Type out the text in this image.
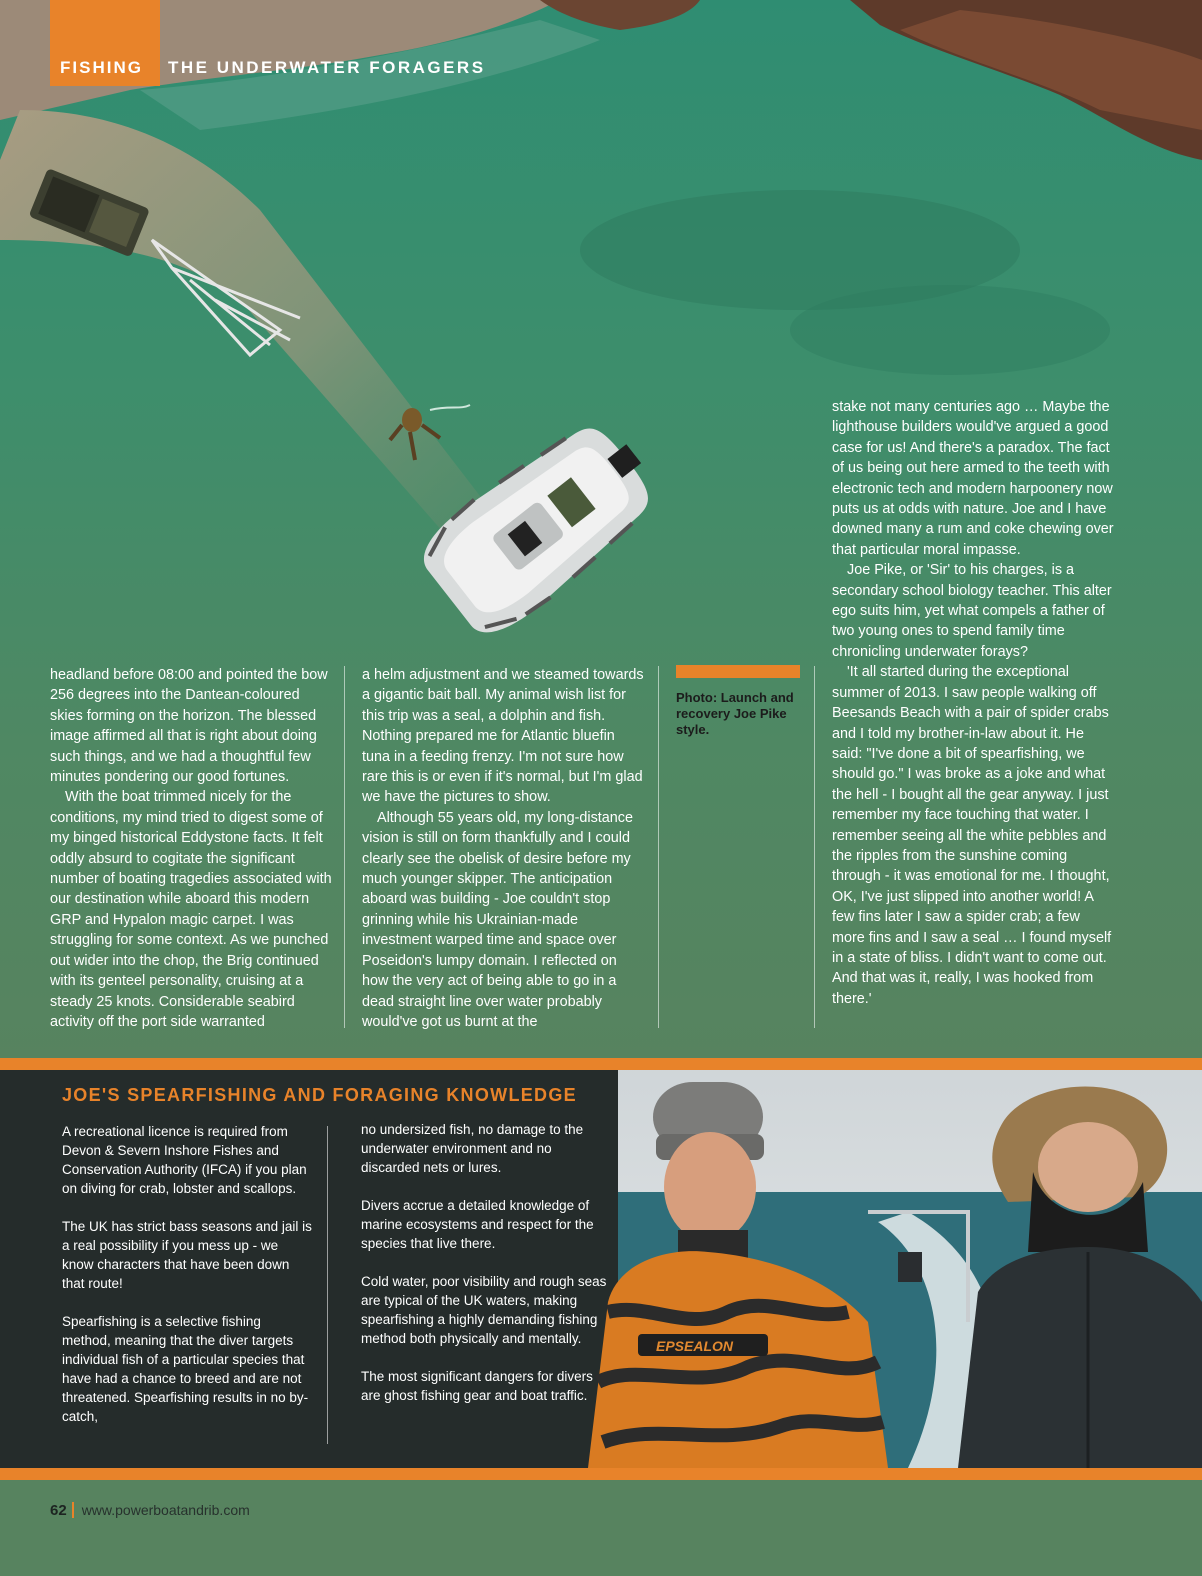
FISHING THE UNDERWATER FORAGERS

headland before 08:00 and pointed the bow 256 degrees into the Dantean-coloured skies forming on the horizon. The blessed image affirmed all that is right about doing such things, and we had a thoughtful few minutes pondering our good fortunes.

With the boat trimmed nicely for the conditions, my mind tried to digest some of my binged historical Eddystone facts. It felt oddly absurd to cogitate the significant number of boating tragedies associated with our destination while aboard this modern GRP and Hypalon magic carpet. I was struggling for some context. As we punched out wider into the chop, the Brig continued with its genteel personality, cruising at a steady 25 knots. Considerable seabird activity off the port side warranted

a helm adjustment and we steamed towards a gigantic bait ball. My animal wish list for this trip was a seal, a dolphin and fish. Nothing prepared me for Atlantic bluefin tuna in a feeding frenzy. I'm not sure how rare this is or even if it's normal, but I'm glad we have the pictures to show.

Although 55 years old, my long-distance vision is still on form thankfully and I could clearly see the obelisk of desire before my much younger skipper. The anticipation aboard was building - Joe couldn't stop grinning while his Ukrainian-made investment warped time and space over Poseidon's lumpy domain. I reflected on how the very act of being able to go in a dead straight line over water probably would've got us burnt at the

Photo: Launch and recovery Joe Pike style.

stake not many centuries ago … Maybe the lighthouse builders would've argued a good case for us! And there's a paradox. The fact of us being out here armed to the teeth with electronic tech and modern harpoonery now puts us at odds with nature. Joe and I have downed many a rum and coke chewing over that particular moral impasse.

Joe Pike, or 'Sir' to his charges, is a secondary school biology teacher. This alter ego suits him, yet what compels a father of two young ones to spend family time chronicling underwater forays?

'It all started during the exceptional summer of 2013. I saw people walking off Beesands Beach with a pair of spider crabs and I told my brother-in-law about it. He said: "I've done a bit of spearfishing, we should go." I was broke as a joke and what the hell - I bought all the gear anyway. I just remember my face touching that water. I remember seeing all the white pebbles and the ripples from the sunshine coming through - it was emotional for me. I thought, OK, I've just slipped into another world! A few fins later I saw a spider crab; a few more fins and I saw a seal … I found myself in a state of bliss. I didn't want to come out. And that was it, really, I was hooked from there.'

JOE'S SPEARFISHING AND FORAGING KNOWLEDGE

A recreational licence is required from Devon & Severn Inshore Fishes and Conservation Authority (IFCA) if you plan on diving for crab, lobster and scallops.

The UK has strict bass seasons and jail is a real possibility if you mess up - we know characters that have been down that route!

Spearfishing is a selective fishing method, meaning that the diver targets individual fish of a particular species that have had a chance to breed and are not threatened. Spearfishing results in no by-catch,

no undersized fish, no damage to the underwater environment and no discarded nets or lures.

Divers accrue a detailed knowledge of marine ecosystems and respect for the species that live there.

Cold water, poor visibility and rough seas are typical of the UK waters, making spearfishing a highly demanding fishing method both physically and mentally.

The most significant dangers for divers are ghost fishing gear and boat traffic.

EPSEALON
62 www.powerboatandrib.com
